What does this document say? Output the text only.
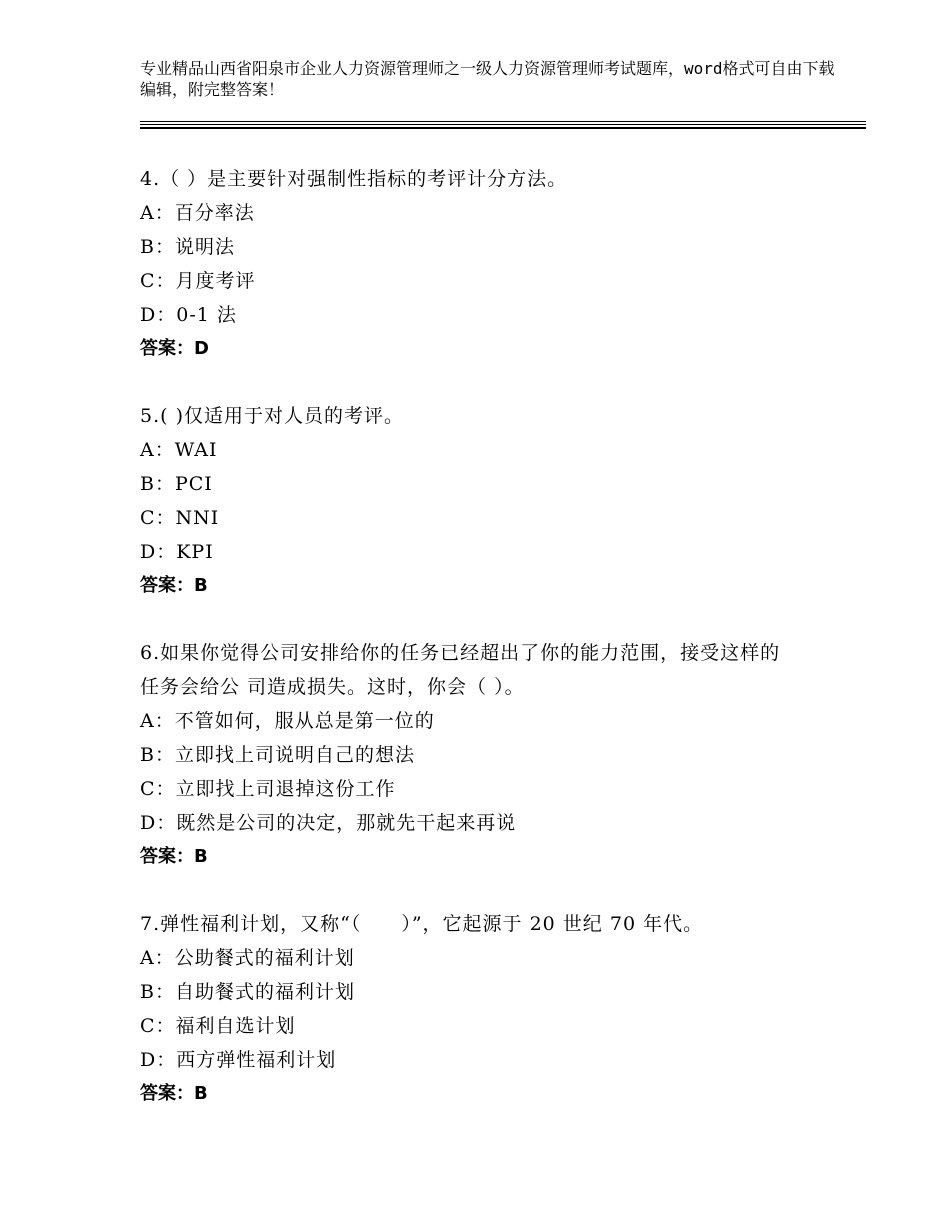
专业精品山西省阳泉市企业人力资源管理师之一级人力资源管理师考试题库，word格式可自由下载编辑，附完整答案！
4.（ ）是主要针对强制性指标的考评计分方法。
A：百分率法
B：说明法
C：月度考评
D：0-1 法
答案：D
5.( )仅适用于对人员的考评。
A：WAI
B：PCI
C：NNI
D：KPI
答案：B
6.如果你觉得公司安排给你的任务已经超出了你的能力范围，接受这样的任务会给公 司造成损失。这时，你会（ ）。
A：不管如何，服从总是第一位的
B：立即找上司说明自己的想法
C：立即找上司退掉这份工作
D：既然是公司的决定，那就先干起来再说
答案：B
7.弹性福利计划，又称“（　　）”，它起源于 20 世纪 70 年代。
A：公助餐式的福利计划
B：自助餐式的福利计划
C：福利自选计划
D：西方弹性福利计划
答案：B
